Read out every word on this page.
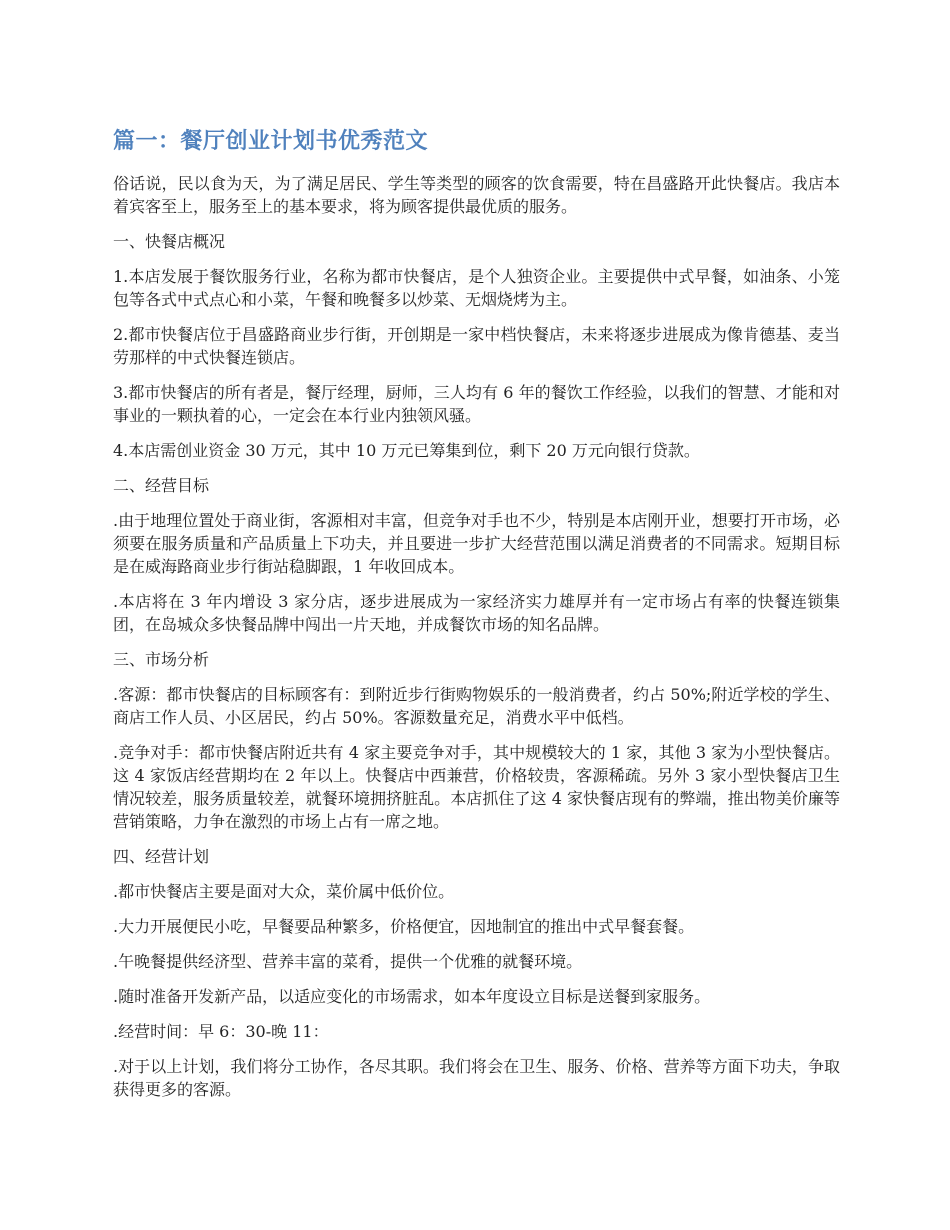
篇一：餐厅创业计划书优秀范文

俗话说，民以食为天，为了满足居民、学生等类型的顾客的饮食需要，特在昌盛路开此快餐店。我店本着宾客至上，服务至上的基本要求，将为顾客提供最优质的服务。

一、快餐店概况

1.本店发展于餐饮服务行业，名称为都市快餐店，是个人独资企业。主要提供中式早餐，如油条、小笼包等各式中式点心和小菜，午餐和晚餐多以炒菜、无烟烧烤为主。

2.都市快餐店位于昌盛路商业步行街，开创期是一家中档快餐店，未来将逐步进展成为像肯德基、麦当劳那样的中式快餐连锁店。

3.都市快餐店的所有者是，餐厅经理，厨师，三人均有 6 年的餐饮工作经验，以我们的智慧、才能和对事业的一颗执着的心，一定会在本行业内独领风骚。

4.本店需创业资金 30 万元，其中 10 万元已筹集到位，剩下 20 万元向银行贷款。

二、经营目标

.由于地理位置处于商业街，客源相对丰富，但竞争对手也不少，特别是本店刚开业，想要打开市场，必须要在服务质量和产品质量上下功夫，并且要进一步扩大经营范围以满足消费者的不同需求。短期目标是在威海路商业步行街站稳脚跟，1 年收回成本。

.本店将在 3 年内增设 3 家分店，逐步进展成为一家经济实力雄厚并有一定市场占有率的快餐连锁集团，在岛城众多快餐品牌中闯出一片天地，并成餐饮市场的知名品牌。

三、市场分析

.客源：都市快餐店的目标顾客有：到附近步行街购物娱乐的一般消费者，约占 50%;附近学校的学生、商店工作人员、小区居民，约占 50%。客源数量充足，消费水平中低档。

.竞争对手：都市快餐店附近共有 4 家主要竞争对手，其中规模较大的 1 家，其他 3 家为小型快餐店。这 4 家饭店经营期均在 2 年以上。快餐店中西兼营，价格较贵，客源稀疏。另外 3 家小型快餐店卫生情况较差，服务质量较差，就餐环境拥挤脏乱。本店抓住了这 4 家快餐店现有的弊端，推出物美价廉等营销策略，力争在激烈的市场上占有一席之地。

四、经营计划

.都市快餐店主要是面对大众，菜价属中低价位。

.大力开展便民小吃，早餐要品种繁多，价格便宜，因地制宜的推出中式早餐套餐。

.午晚餐提供经济型、营养丰富的菜肴，提供一个优雅的就餐环境。

.随时准备开发新产品，以适应变化的市场需求，如本年度设立目标是送餐到家服务。

.经营时间：早 6：30-晚 11：

.对于以上计划，我们将分工协作，各尽其职。我们将会在卫生、服务、价格、营养等方面下功夫，争取获得更多的客源。
